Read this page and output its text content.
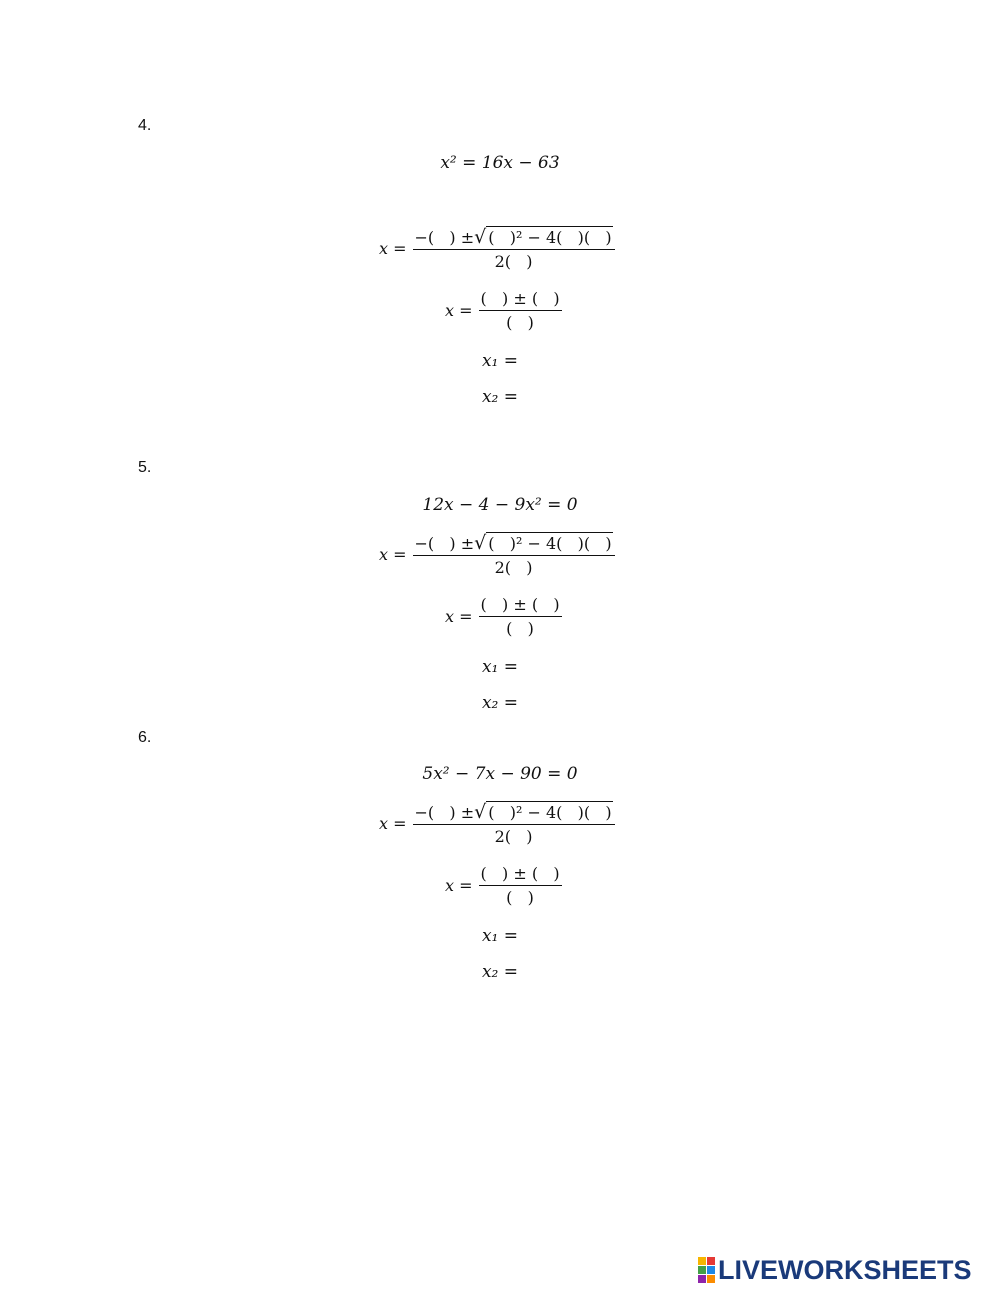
4.
x² = 16x − 63
$x = \frac{\text{−(   ) ± √ (   )² − 4(   )(   )}}{2( )}$
$x = \frac{( ) \pm ( )}{( )}$
x₁ =
x₂ =
5.
12x − 4 − 9x² = 0
$x = \frac{\text{−(   ) ± √ (   )² − 4(   )(   )}}{2( )}$
$x = \frac{( ) \pm ( )}{( )}$
x₁ =
x₂ =
6.
5x² − 7x − 90 = 0
$x = \frac{\text{−(   ) ± √ (   )² − 4(   )(   )}}{2( )}$
$x = \frac{( ) \pm ( )}{( )}$
x₁ =
x₂ =
LIVEWORKSHEETS
